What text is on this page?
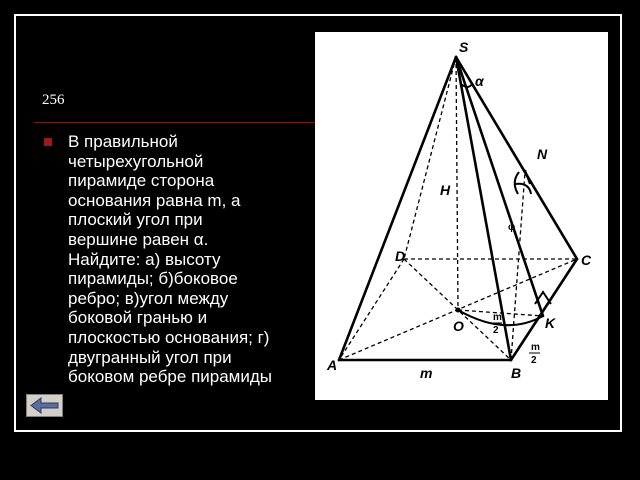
256
В правильной
четырехугольной
пирамиде сторона
основания равна m, а
плоский угол при
вершине равен α.
Найдите: а) высоту
пирамиды; б)боковое
ребро; в)угол между
боковой гранью и
плоскостью основания; г)
двугранный угол при
боковом ребре пирамиды
S
α
N
H
φ
D	C
O	K
A	B
m
m
2
m
2
